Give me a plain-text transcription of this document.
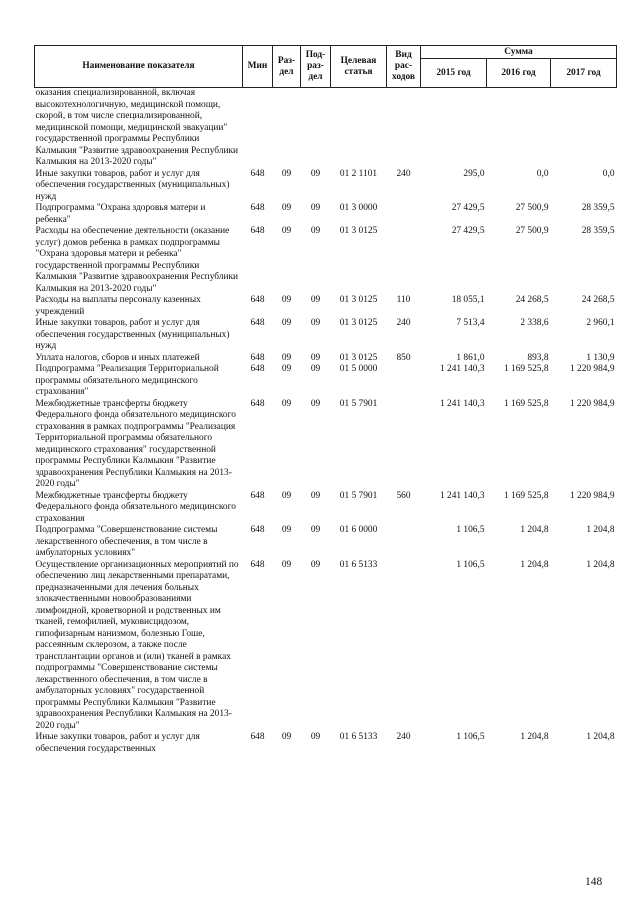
Наименование показателя	Мин	Раз-дел	Под-раз-дел	Целевая статья	Вид рас-ходов	Сумма		
						2015 год	2016 год	2017 год
оказания специализированной, включая высокотехнологичную, медицинской помощи, скорой, в том числе специализированной, медицинской помощи, медицинской эвакуации" государственной программы Республики Калмыкия "Развитие здравоохранения Республики Калмыкия на 2013-2020 годы"								
Иные закупки товаров, работ и услуг для обеспечения государственных (муниципальных) нужд	648	09	09	01 2 1101	240	295,0	0,0	0,0
Подпрограмма "Охрана здоровья матери и ребенка"	648	09	09	01 3 0000		27 429,5	27 500,9	28 359,5
Расходы на обеспечение деятельности (оказание услуг) домов ребенка в рамках подпрограммы "Охрана здоровья матери и ребенка" государственной программы Республики Калмыкия "Развитие здравоохранения Республики Калмыкия на 2013-2020 годы"	648	09	09	01 3 0125		27 429,5	27 500,9	28 359,5
Расходы на выплаты персоналу казенных учреждений	648	09	09	01 3 0125	110	18 055,1	24 268,5	24 268,5
Иные закупки товаров, работ и услуг для обеспечения государственных (муниципальных) нужд	648	09	09	01 3 0125	240	7 513,4	2 338,6	2 960,1
Уплата налогов, сборов и иных платежей	648	09	09	01 3 0125	850	1 861,0	893,8	1 130,9
Подпрограмма "Реализация Территориальной программы обязательного медицинского страхования"	648	09	09	01 5 0000		1 241 140,3	1 169 525,8	1 220 984,9
Межбюджетные трансферты бюджету Федерального фонда обязательного медицинского страхования в рамках подпрограммы "Реализация Территориальной программы обязательного медицинского страхования" государственной программы Республики Калмыкия "Развитие здравоохранения Республики Калмыкия на 2013-2020 годы"	648	09	09	01 5 7901		1 241 140,3	1 169 525,8	1 220 984,9
Межбюджетные трансферты бюджету Федерального фонда обязательного медицинского страхования	648	09	09	01 5 7901	560	1 241 140,3	1 169 525,8	1 220 984,9
Подпрограмма "Совершенствование системы лекарственного обеспечения, в том числе в амбулаторных условиях"	648	09	09	01 6 0000		1 106,5	1 204,8	1 204,8
Осуществление организационных мероприятий по обеспечению лиц лекарственными препаратами, предназначенными для лечения больных злокачественными новообразованиями лимфоидной, кроветворной и родственных им тканей, гемофилией, муковисцидозом, гипофизарным нанизмом, болезнью Гоше, рассеянным склерозом, а также после трансплантации органов и (или) тканей в рамках подпрограммы "Совершенствование системы лекарственного обеспечения, в том числе в амбулаторных условиях" государственной программы Республики Калмыкия "Развитие здравоохранения Республики Калмыкия на 2013-2020 годы"	648	09	09	01 6 5133		1 106,5	1 204,8	1 204,8
Иные закупки товаров, работ и услуг для обеспечения государственных	648	09	09	01 6 5133	240	1 106,5	1 204,8	1 204,8
148
